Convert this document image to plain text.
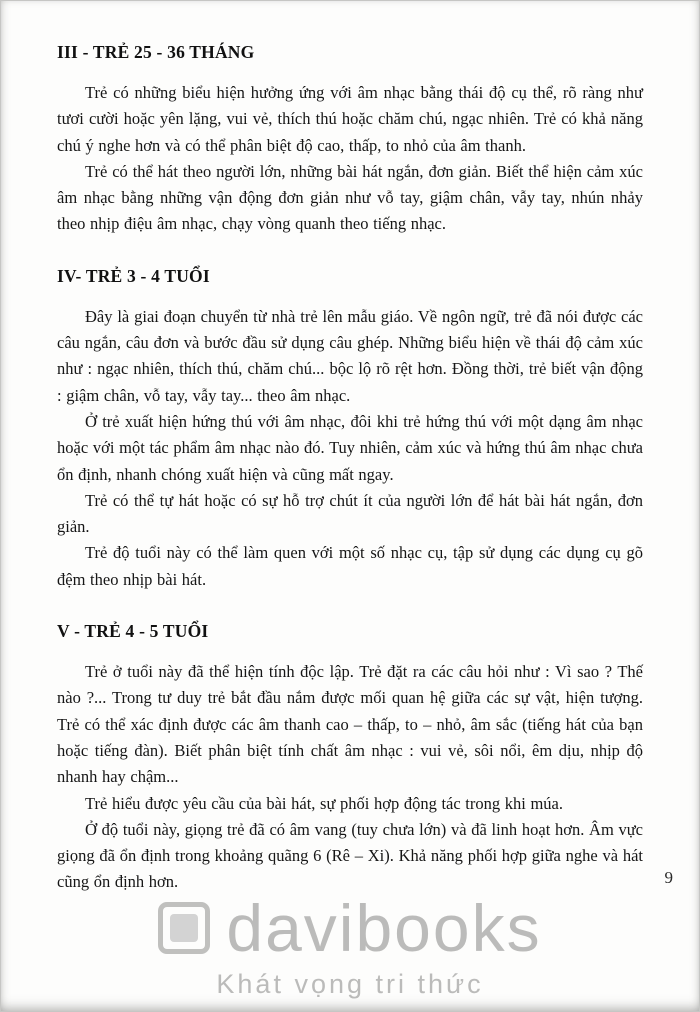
III - TRẺ 25 - 36 THÁNG

Trẻ có những biểu hiện hưởng ứng với âm nhạc bằng thái độ cụ thể, rõ ràng như tươi cười hoặc yên lặng, vui vẻ, thích thú hoặc chăm chú, ngạc nhiên. Trẻ có khả năng chú ý nghe hơn và có thể phân biệt độ cao, thấp, to nhỏ của âm thanh.

Trẻ có thể hát theo người lớn, những bài hát ngắn, đơn giản. Biết thể hiện cảm xúc âm nhạc bằng những vận động đơn giản như vỗ tay, giậm chân, vẫy tay, nhún nhảy theo nhịp điệu âm nhạc, chạy vòng quanh theo tiếng nhạc.

IV- TRẺ 3 - 4 TUỔI

Đây là giai đoạn chuyển từ nhà trẻ lên mẫu giáo. Về ngôn ngữ, trẻ đã nói được các câu ngắn, câu đơn và bước đầu sử dụng câu ghép. Những biểu hiện về thái độ cảm xúc như : ngạc nhiên, thích thú, chăm chú... bộc lộ rõ rệt hơn. Đồng thời, trẻ biết vận động : giậm chân, vỗ tay, vẫy tay... theo âm nhạc.

Ở trẻ xuất hiện hứng thú với âm nhạc, đôi khi trẻ hứng thú với một dạng âm nhạc hoặc với một tác phẩm âm nhạc nào đó. Tuy nhiên, cảm xúc và hứng thú âm nhạc chưa ổn định, nhanh chóng xuất hiện và cũng mất ngay.

Trẻ có thể tự hát hoặc có sự hỗ trợ chút ít của người lớn để hát bài hát ngắn, đơn giản.

Trẻ độ tuổi này có thể làm quen với một số nhạc cụ, tập sử dụng các dụng cụ gõ đệm theo nhịp bài hát.

V - TRẺ 4 - 5 TUỔI

Trẻ ở tuổi này đã thể hiện tính độc lập. Trẻ đặt ra các câu hỏi như : Vì sao ? Thế nào ?... Trong tư duy trẻ bắt đầu nắm được mối quan hệ giữa các sự vật, hiện tượng. Trẻ có thể xác định được các âm thanh cao – thấp, to – nhỏ, âm sắc (tiếng hát của bạn hoặc tiếng đàn). Biết phân biệt tính chất âm nhạc : vui vẻ, sôi nổi, êm dịu, nhịp độ nhanh hay chậm...

Trẻ hiểu được yêu cầu của bài hát, sự phối hợp động tác trong khi múa.

Ở độ tuổi này, giọng trẻ đã có âm vang (tuy chưa lớn) và đã linh hoạt hơn. Âm vực giọng đã ổn định trong khoảng quãng 6 (Rê – Xi). Khả năng phối hợp giữa nghe và hát cũng ổn định hơn.	9
davibooks
Khát vọng tri thức
